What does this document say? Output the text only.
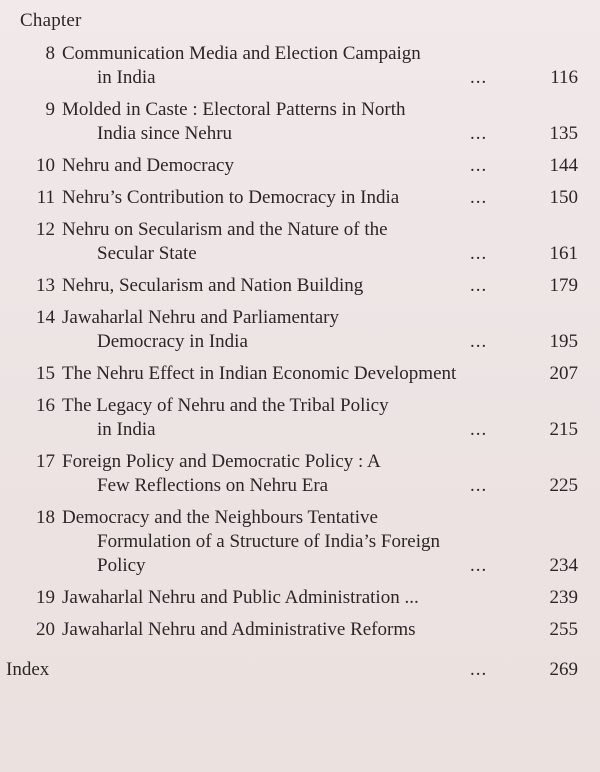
Chapter
8 Communication Media and Election Campaign
in India	...	116
9 Molded in Caste : Electoral Patterns in North
India since Nehru	...	135
10 Nehru and Democracy	...	144
11 Nehru’s Contribution to Democracy in India	...	150
12 Nehru on Secularism and the Nature of the
Secular State	...	161
13 Nehru, Secularism and Nation Building	...	179
14 Jawaharlal Nehru and Parliamentary
Democracy in India	...	195
15 The Nehru Effect in Indian Economic Development	207
16 The Legacy of Nehru and the Tribal Policy
in India	...	215
17 Foreign Policy and Democratic Policy : A
Few Reflections on Nehru Era	...	225
18 Democracy and the Neighbours Tentative
Formulation of a Structure of India’s Foreign
Policy	...	234
19 Jawaharlal Nehru and Public Administration ...	239
20 Jawaharlal Nehru and Administrative Reforms	255
Index	...	269
